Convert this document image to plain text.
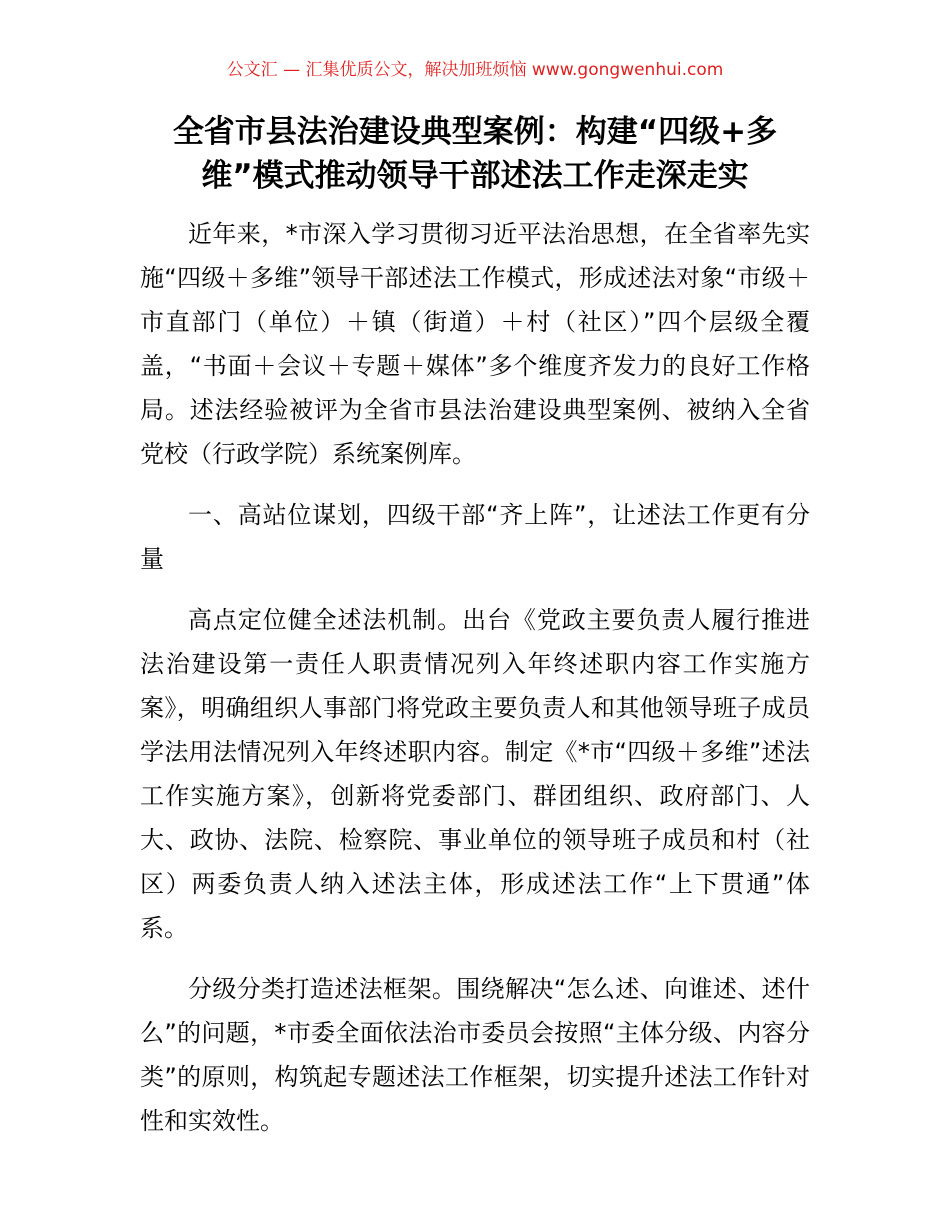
公文汇 — 汇集优质公文，解决加班烦恼 www.gongwenhui.com
全省市县法治建设典型案例：构建“四级+多
维”模式推动领导干部述法工作走深走实

近年来，*市深入学习贯彻习近平法治思想，在全省率先实施“四级＋多维”领导干部述法工作模式，形成述法对象“市级＋市直部门（单位）＋镇（街道）＋村（社区）”四个层级全覆盖，“书面＋会议＋专题＋媒体”多个维度齐发力的良好工作格局。述法经验被评为全省市县法治建设典型案例、被纳入全省党校（行政学院）系统案例库。

一、高站位谋划，四级干部“齐上阵”，让述法工作更有分量

高点定位健全述法机制。出台《党政主要负责人履行推进法治建设第一责任人职责情况列入年终述职内容工作实施方案》，明确组织人事部门将党政主要负责人和其他领导班子成员学法用法情况列入年终述职内容。制定《*市“四级＋多维”述法工作实施方案》，创新将党委部门、群团组织、政府部门、人大、政协、法院、检察院、事业单位的领导班子成员和村（社区）两委负责人纳入述法主体，形成述法工作“上下贯通”体系。

分级分类打造述法框架。围绕解决“怎么述、向谁述、述什么”的问题，*市委全面依法治市委员会按照“主体分级、内容分类”的原则，构筑起专题述法工作框架，切实提升述法工作针对性和实效性。
